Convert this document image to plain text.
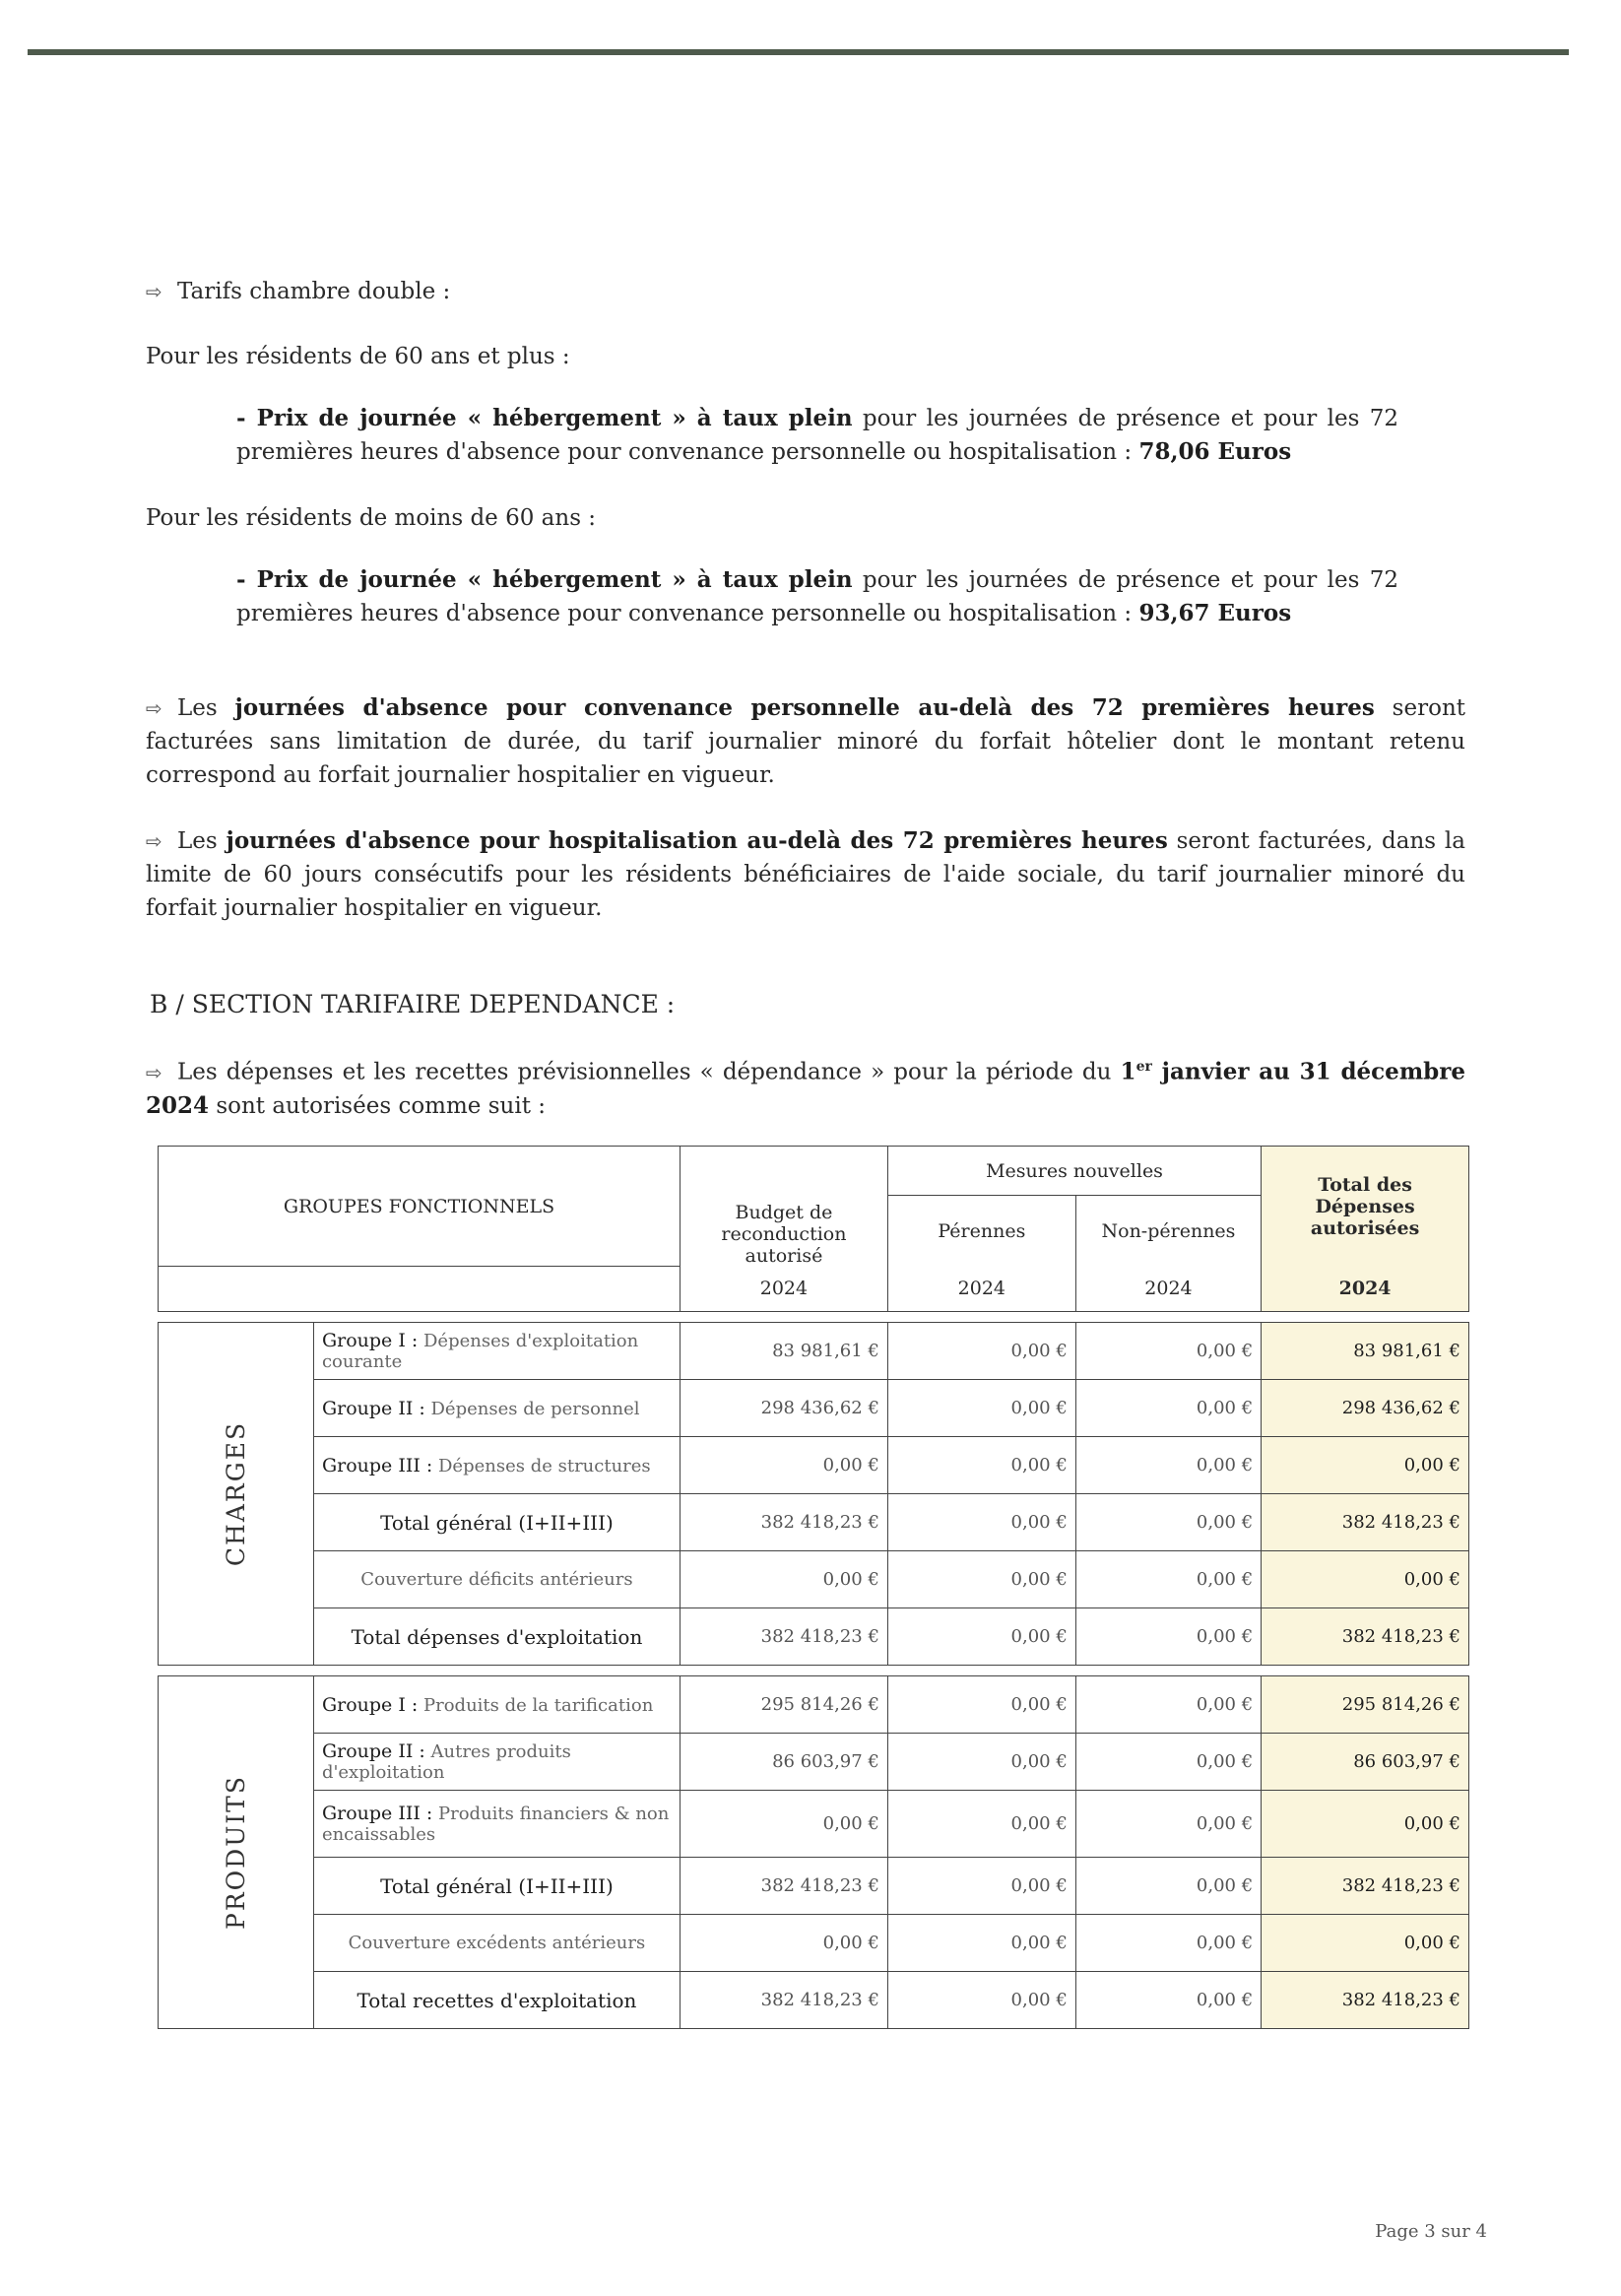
⇨ Tarifs chambre double :
Pour les résidents de 60 ans et plus :
- Prix de journée « hébergement » à taux plein pour les journées de présence et pour les 72 premières heures d'absence pour convenance personnelle ou hospitalisation : 78,06 Euros
Pour les résidents de moins de 60 ans :
- Prix de journée « hébergement » à taux plein pour les journées de présence et pour les 72 premières heures d'absence pour convenance personnelle ou hospitalisation : 93,67 Euros
⇨ Les journées d'absence pour convenance personnelle au-delà des 72 premières heures seront facturées sans limitation de durée, du tarif journalier minoré du forfait hôtelier dont le montant retenu correspond au forfait journalier hospitalier en vigueur.
⇨ Les journées d'absence pour hospitalisation au-delà des 72 premières heures seront facturées, dans la limite de 60 jours consécutifs pour les résidents bénéficiaires de l'aide sociale, du tarif journalier minoré du forfait journalier hospitalier en vigueur.
B / SECTION TARIFAIRE DEPENDANCE :
⇨ Les dépenses et les recettes prévisionnelles « dépendance » pour la période du 1er janvier au 31 décembre 2024 sont autorisées comme suit :
GROUPES FONCTIONNELS		Budget de reconduction autorisé	Mesures nouvelles		Total des Dépenses autorisées
			Pérennes	Non-pérennes	
		2024	2024	2024	2024

CHARGES	Groupe I : Dépenses d'exploitation courante	83 981,61 €	0,00 €	0,00 €	83 981,61 €
	Groupe II : Dépenses de personnel	298 436,62 €	0,00 €	0,00 €	298 436,62 €
	Groupe III : Dépenses de structures	0,00 €	0,00 €	0,00 €	0,00 €
	Total général (I+II+III)	382 418,23 €	0,00 €	0,00 €	382 418,23 €
	Couverture déficits antérieurs	0,00 €	0,00 €	0,00 €	0,00 €
	Total dépenses d'exploitation	382 418,23 €	0,00 €	0,00 €	382 418,23 €

PRODUITS	Groupe I : Produits de la tarification	295 814,26 €	0,00 €	0,00 €	295 814,26 €
	Groupe II : Autres produits d'exploitation	86 603,97 €	0,00 €	0,00 €	86 603,97 €
	Groupe III : Produits financiers & non encaissables	0,00 €	0,00 €	0,00 €	0,00 €
	Total général (I+II+III)	382 418,23 €	0,00 €	0,00 €	382 418,23 €
	Couverture excédents antérieurs	0,00 €	0,00 €	0,00 €	0,00 €
	Total recettes d'exploitation	382 418,23 €	0,00 €	0,00 €	382 418,23 €
Page 3 sur 4
